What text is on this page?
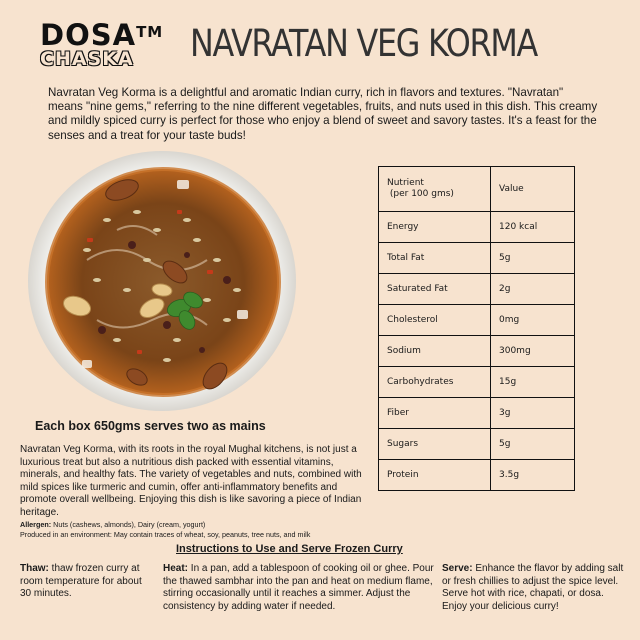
DOSA™
CHASKA	NAVRATAN VEG KORMA

Navratan Veg Korma is a delightful and aromatic Indian curry, rich in flavors and textures. "Navratan" means "nine gems," referring to the nine different vegetables, fruits, and nuts used in this dish. This creamy and mildly spiced curry is perfect for those who enjoy a blend of sweet and savory tastes. It's a feast for the senses and a treat for your taste buds!

Nutrient
(per 100 gms)	Value
Energy	120 kcal
Total Fat	5g
Saturated Fat	2g
Cholesterol	0mg
Sodium	300mg
Carbohydrates	15g
Fiber	3g
Sugars	5g
Protein	3.5g

Each box 650gms serves two as mains

Navratan Veg Korma, with its roots in the royal Mughal kitchens, is not just a luxurious treat but also a nutritious dish packed with essential vitamins, minerals, and healthy fats. The variety of vegetables and nuts, combined with mild spices like turmeric and cumin, offer anti-inflammatory benefits and promote overall wellbeing. Enjoying this dish is like savoring a piece of Indian heritage.

Allergen: Nuts (cashews, almonds), Dairy (cream, yogurt)
Produced in an environment: May contain traces of wheat, soy, peanuts, tree nuts, and milk

Instructions to Use and Serve Frozen Curry

Thaw: thaw frozen curry at room temperature for about 30 minutes.

Heat: In a pan, add a tablespoon of cooking oil or ghee. Pour the thawed sambhar into the pan and heat on medium flame, stirring occasionally until it reaches a simmer. Adjust the consistency by adding water if needed.

Serve: Enhance the flavor by adding salt or fresh chillies to adjust the spice level. Serve hot with rice, chapati, or dosa. Enjoy your delicious curry!
